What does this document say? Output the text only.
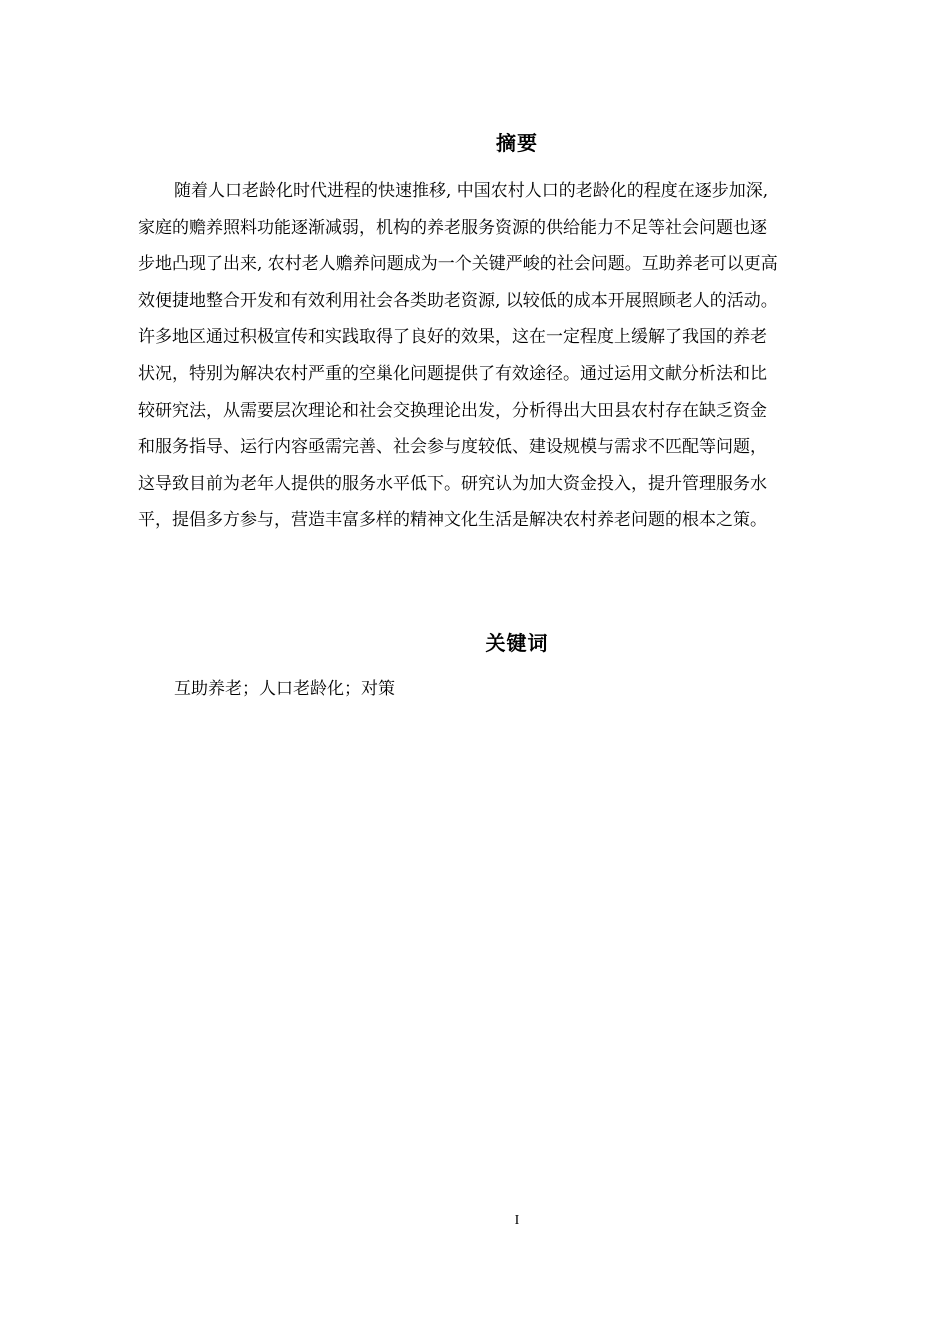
摘要
随着人口老龄化时代进程的快速推移, 中国农村人口的老龄化的程度在逐步加深,
家庭的赡养照料功能逐渐减弱，机构的养老服务资源的供给能力不足等社会问题也逐
步地凸现了出来, 农村老人赡养问题成为一个关键严峻的社会问题。互助养老可以更高
效便捷地整合开发和有效利用社会各类助老资源, 以较低的成本开展照顾老人的活动。
许多地区通过积极宣传和实践取得了良好的效果，这在一定程度上缓解了我国的养老
状况，特别为解决农村严重的空巢化问题提供了有效途径。通过运用文献分析法和比
较研究法，从需要层次理论和社会交换理论出发，分析得出大田县农村存在缺乏资金
和服务指导、运行内容亟需完善、社会参与度较低、建设规模与需求不匹配等问题，
这导致目前为老年人提供的服务水平低下。研究认为加大资金投入，提升管理服务水
平，提倡多方参与，营造丰富多样的精神文化生活是解决农村养老问题的根本之策。
关键词
互助养老；人口老龄化；对策
I
